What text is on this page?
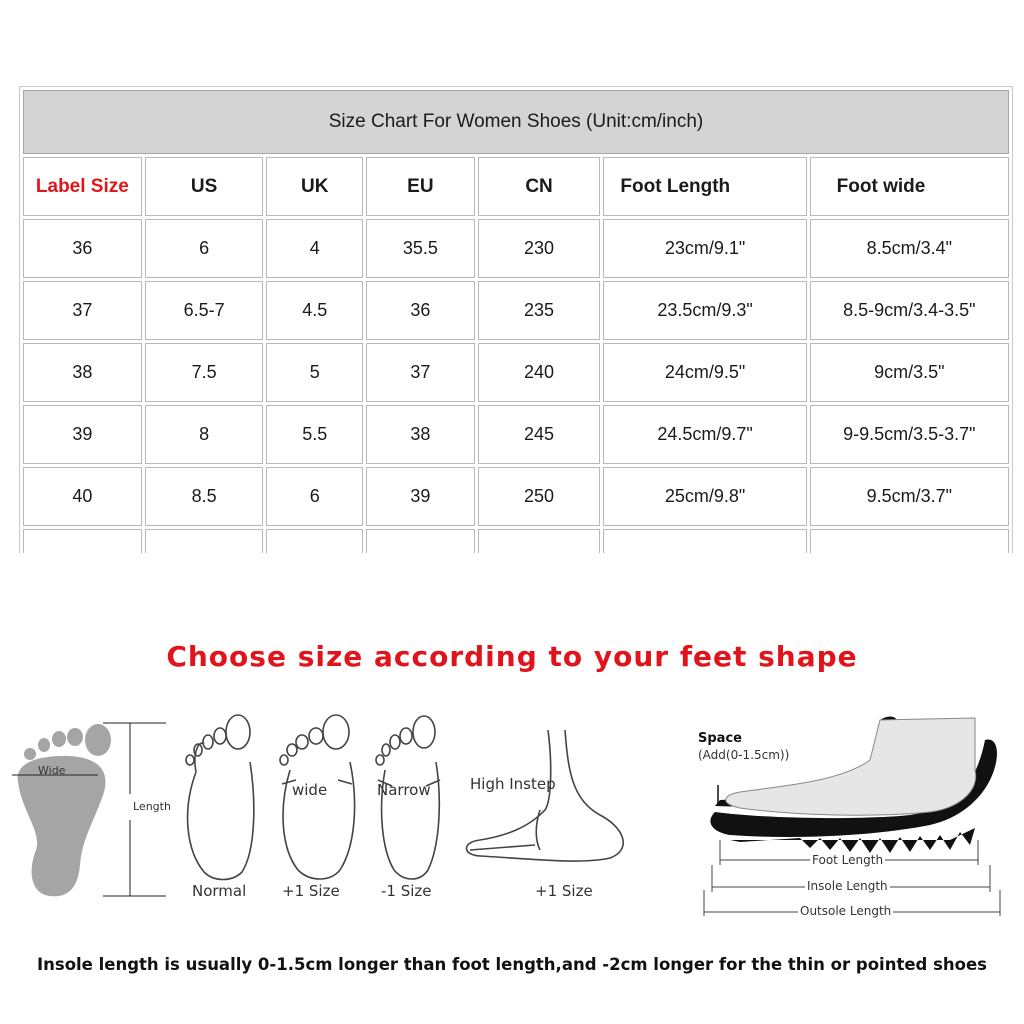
Size Chart For Women Shoes (Unit:cm/inch)						
Label Size	US	UK	EU	CN	Foot Length	Foot wide
36	6	4	35.5	230	23cm/9.1"	8.5cm/3.4"
37	6.5-7	4.5	36	235	23.5cm/9.3"	8.5-9cm/3.4-3.5"
38	7.5	5	37	240	24cm/9.5"	9cm/3.5"
39	8	5.5	38	245	24.5cm/9.7"	9-9.5cm/3.5-3.7"
40	8.5	6	39	250	25cm/9.8"	9.5cm/3.7"

Choose size according to your feet shape

Wide
Length
wide	Narrow
Normal +1 Size	-1 Size
High Instep
+1 Size
Space
(Add(0-1.5cm))
Foot Length
Insole Length
Outsole Length

Insole length is usually 0-1.5cm longer than foot length,and -2cm longer for the thin or pointed shoes
